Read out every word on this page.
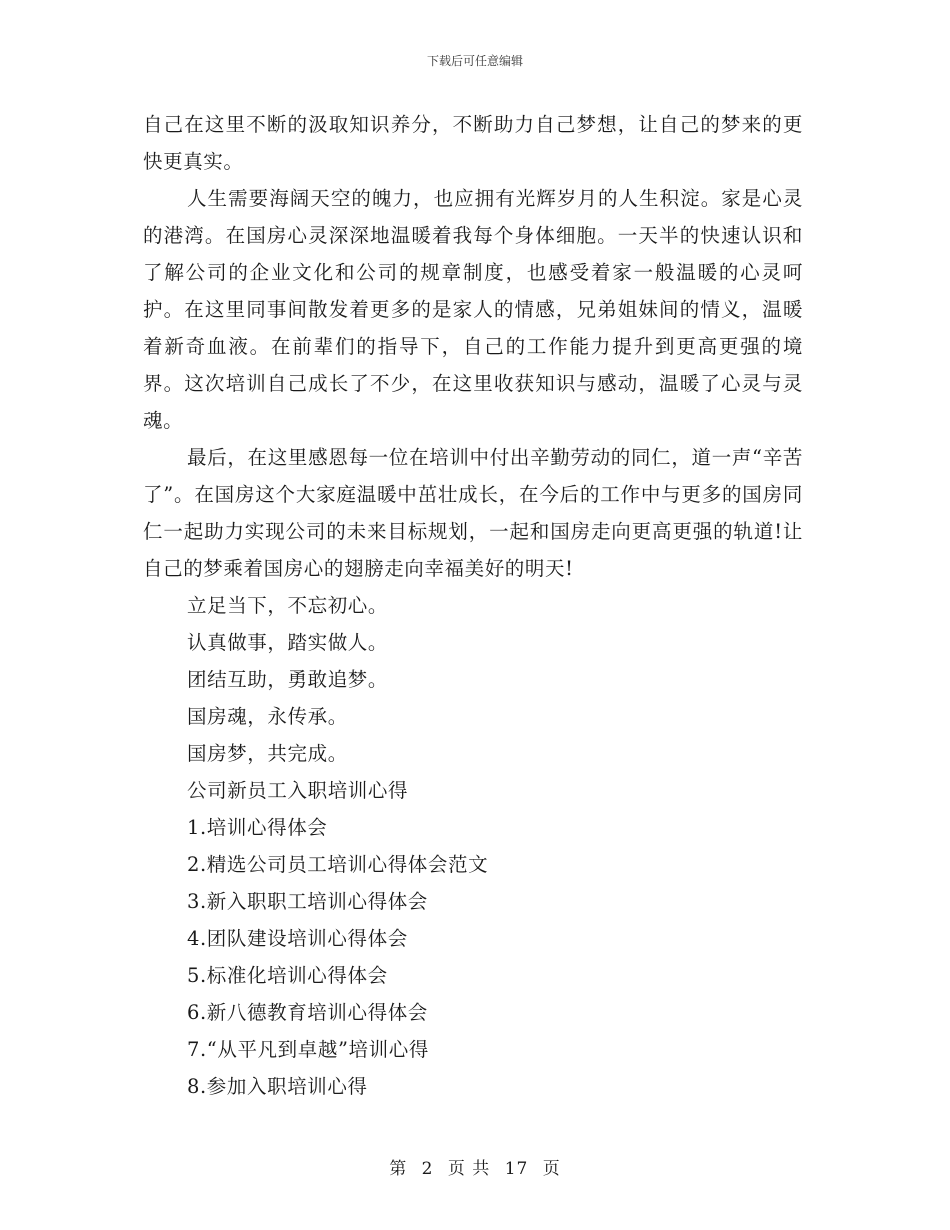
下载后可任意编辑

自己在这里不断的汲取知识养分，不断助力自己梦想，让自己的梦来的更快更真实。

人生需要海阔天空的魄力，也应拥有光辉岁月的人生积淀。家是心灵的港湾。在国房心灵深深地温暖着我每个身体细胞。一天半的快速认识和了解公司的企业文化和公司的规章制度，也感受着家一般温暖的心灵呵护。在这里同事间散发着更多的是家人的情感，兄弟姐妹间的情义，温暖着新奇血液。在前辈们的指导下，自己的工作能力提升到更高更强的境界。这次培训自己成长了不少，在这里收获知识与感动，温暖了心灵与灵魂。

最后，在这里感恩每一位在培训中付出辛勤劳动的同仁，道一声“辛苦了”。在国房这个大家庭温暖中茁壮成长，在今后的工作中与更多的国房同仁一起助力实现公司的未来目标规划，一起和国房走向更高更强的轨道!让自己的梦乘着国房心的翅膀走向幸福美好的明天!

立足当下，不忘初心。

认真做事，踏实做人。

团结互助，勇敢追梦。

国房魂，永传承。

国房梦，共完成。

公司新员工入职培训心得

1.培训心得体会

2.精选公司员工培训心得体会范文

3.新入职职工培训心得体会

4.团队建设培训心得体会

5.标准化培训心得体会

6.新八德教育培训心得体会

7.“从平凡到卓越”培训心得

8.参加入职培训心得

第 2 页 共 17 页
